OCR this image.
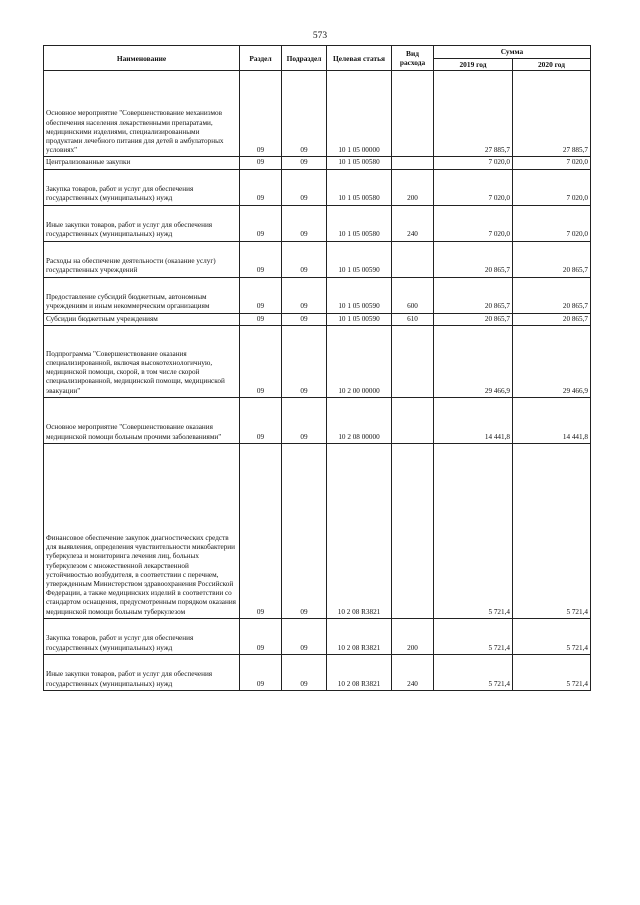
573
Наименование	Раздел	Подраздел	Целевая статья	Вид расхода	Сумма	
					2019 год	2020 год
Основное мероприятие "Совершенствование механизмов обеспечения населения лекарственными препаратами, медицинскими изделиями, специализированными продуктами лечебного питания для детей в амбулаторных условиях"	09	09	10 1 05 00000		27 885,7	27 885,7
Централизованные закупки	09	09	10 1 05 00580		7 020,0	7 020,0
Закупка товаров, работ и услуг для обеспечения государственных (муниципальных) нужд	09	09	10 1 05 00580	200	7 020,0	7 020,0
Иные закупки товаров, работ и услуг для обеспечения государственных (муниципальных) нужд	09	09	10 1 05 00580	240	7 020,0	7 020,0
Расходы на обеспечение деятельности (оказание услуг) государственных учреждений	09	09	10 1 05 00590		20 865,7	20 865,7
Предоставление субсидий бюджетным, автономным учреждениям и иным некоммерческим организациям	09	09	10 1 05 00590	600	20 865,7	20 865,7
Субсидии бюджетным учреждениям	09	09	10 1 05 00590	610	20 865,7	20 865,7
Подпрограмма "Совершенствование оказания специализированной, включая высокотехнологичную, медицинской помощи, скорой, в том числе скорой специализированной, медицинской помощи, медицинской эвакуации"	09	09	10 2 00 00000		29 466,9	29 466,9
Основное мероприятие "Совершенствование оказания медицинской помощи больным прочими заболеваниями"	09	09	10 2 08 00000		14 441,8	14 441,8
Финансовое обеспечение закупок диагностических средств для выявления, определения чувствительности микобактерии туберкулеза и мониторинга лечения лиц, больных туберкулезом с множественной лекарственной устойчивостью возбудителя, в соответствии с перечнем, утвержденным Министерством здравоохранения Российской Федерации, а также медицинских изделий в соответствии со стандартом оснащения, предусмотренным порядком оказания медицинской помощи больным туберкулезом	09	09	10 2 08 R3821		5 721,4	5 721,4
Закупка товаров, работ и услуг для обеспечения государственных (муниципальных) нужд	09	09	10 2 08 R3821	200	5 721,4	5 721,4
Иные закупки товаров, работ и услуг для обеспечения государственных (муниципальных) нужд	09	09	10 2 08 R3821	240	5 721,4	5 721,4
